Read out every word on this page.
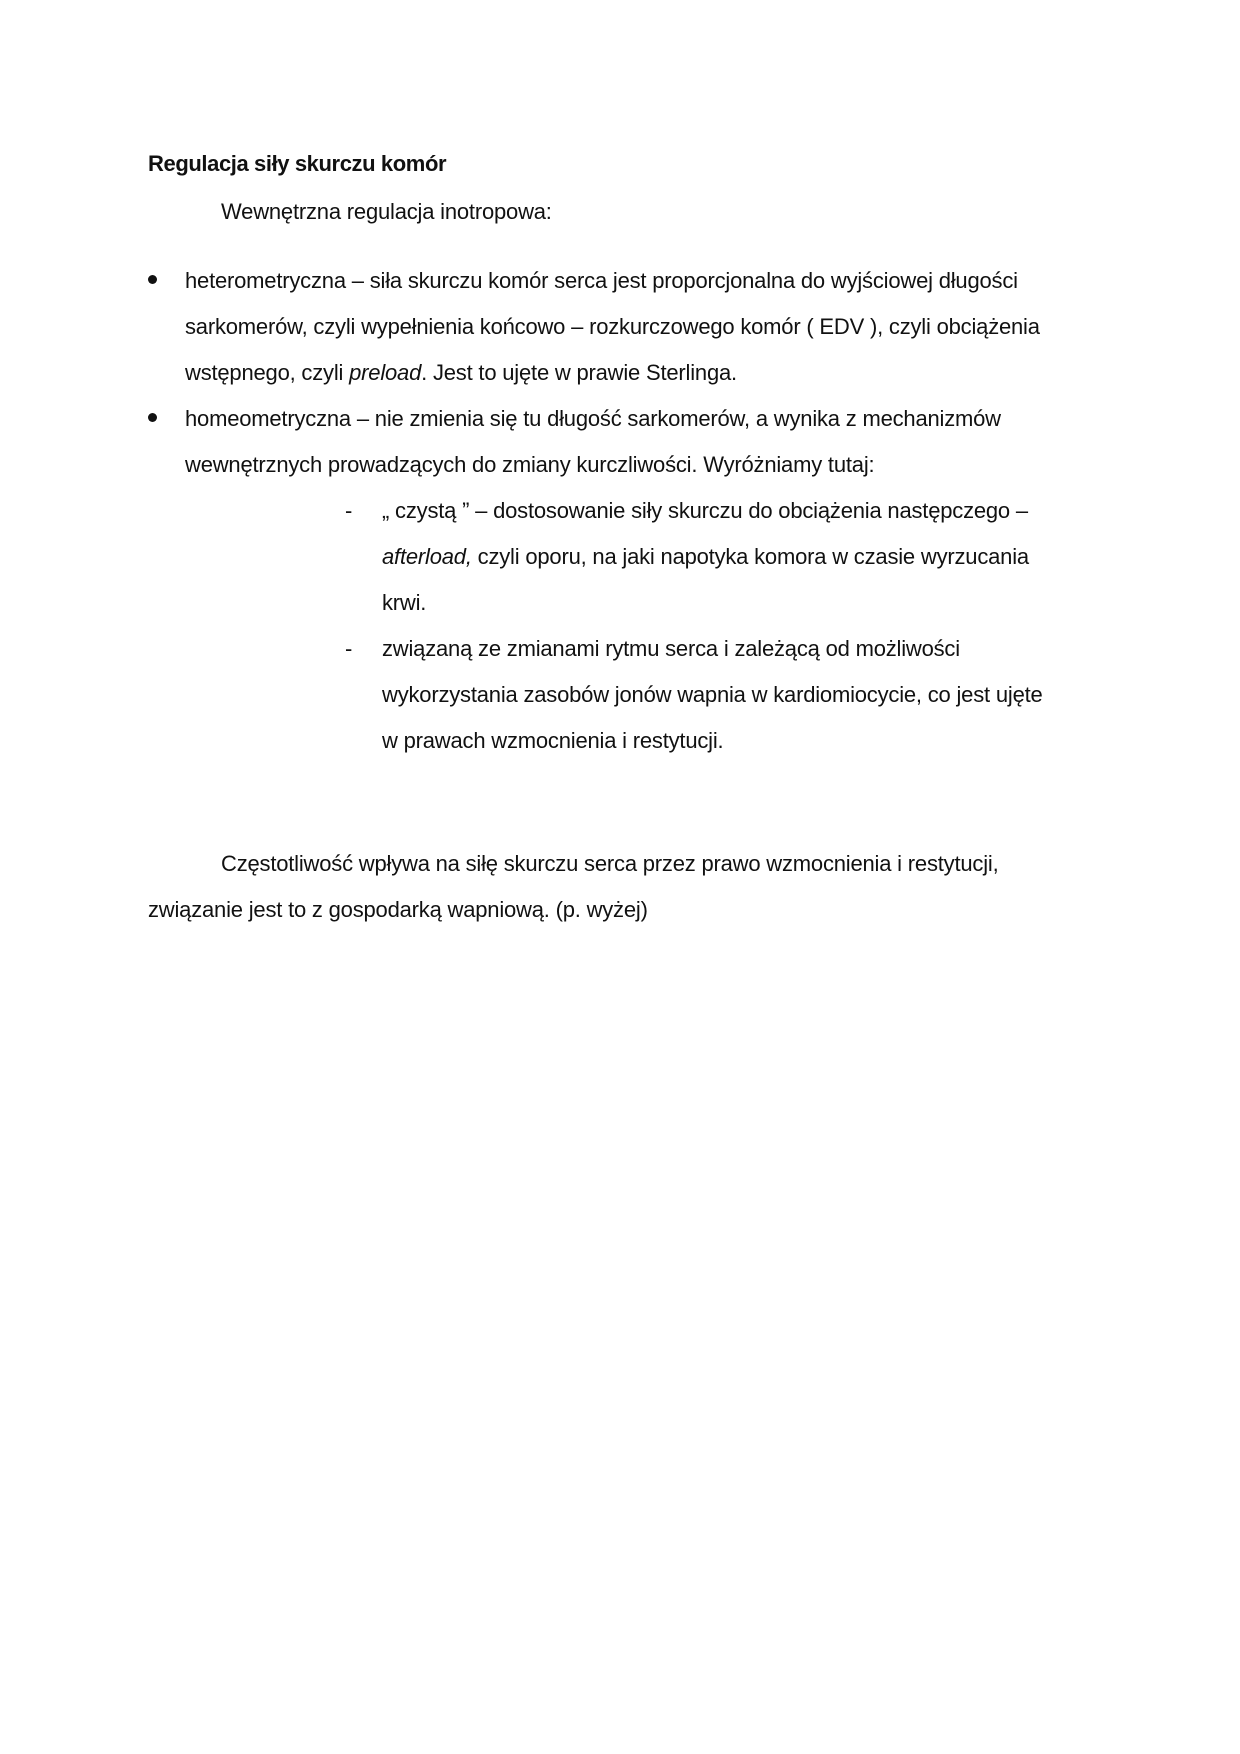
Regulacja siły skurczu komór

Wewnętrzna regulacja inotropowa:

heterometryczna – siła skurczu komór serca jest proporcjonalna do wyjściowej długości sarkomerów, czyli wypełnienia końcowo – rozkurczowego komór ( EDV ), czyli obciążenia wstępnego, czyli preload. Jest to ujęte w prawie Sterlinga.
homeometryczna – nie zmienia się tu długość sarkomerów, a wynika z mechanizmów wewnętrznych prowadzących do zmiany kurczliwości. Wyróżniamy tutaj:
-	„ czystą ” – dostosowanie siły skurczu do obciążenia następczego – afterload, czyli oporu, na jaki napotyka komora w czasie wyrzucania krwi.
-	związaną ze zmianami rytmu serca i zależącą od możliwości wykorzystania zasobów jonów wapnia w kardiomiocycie, co jest ujęte w prawach wzmocnienia i restytucji.

Częstotliwość wpływa na siłę skurczu serca przez prawo wzmocnienia i restytucji, związanie jest to z gospodarką wapniową. (p. wyżej)
